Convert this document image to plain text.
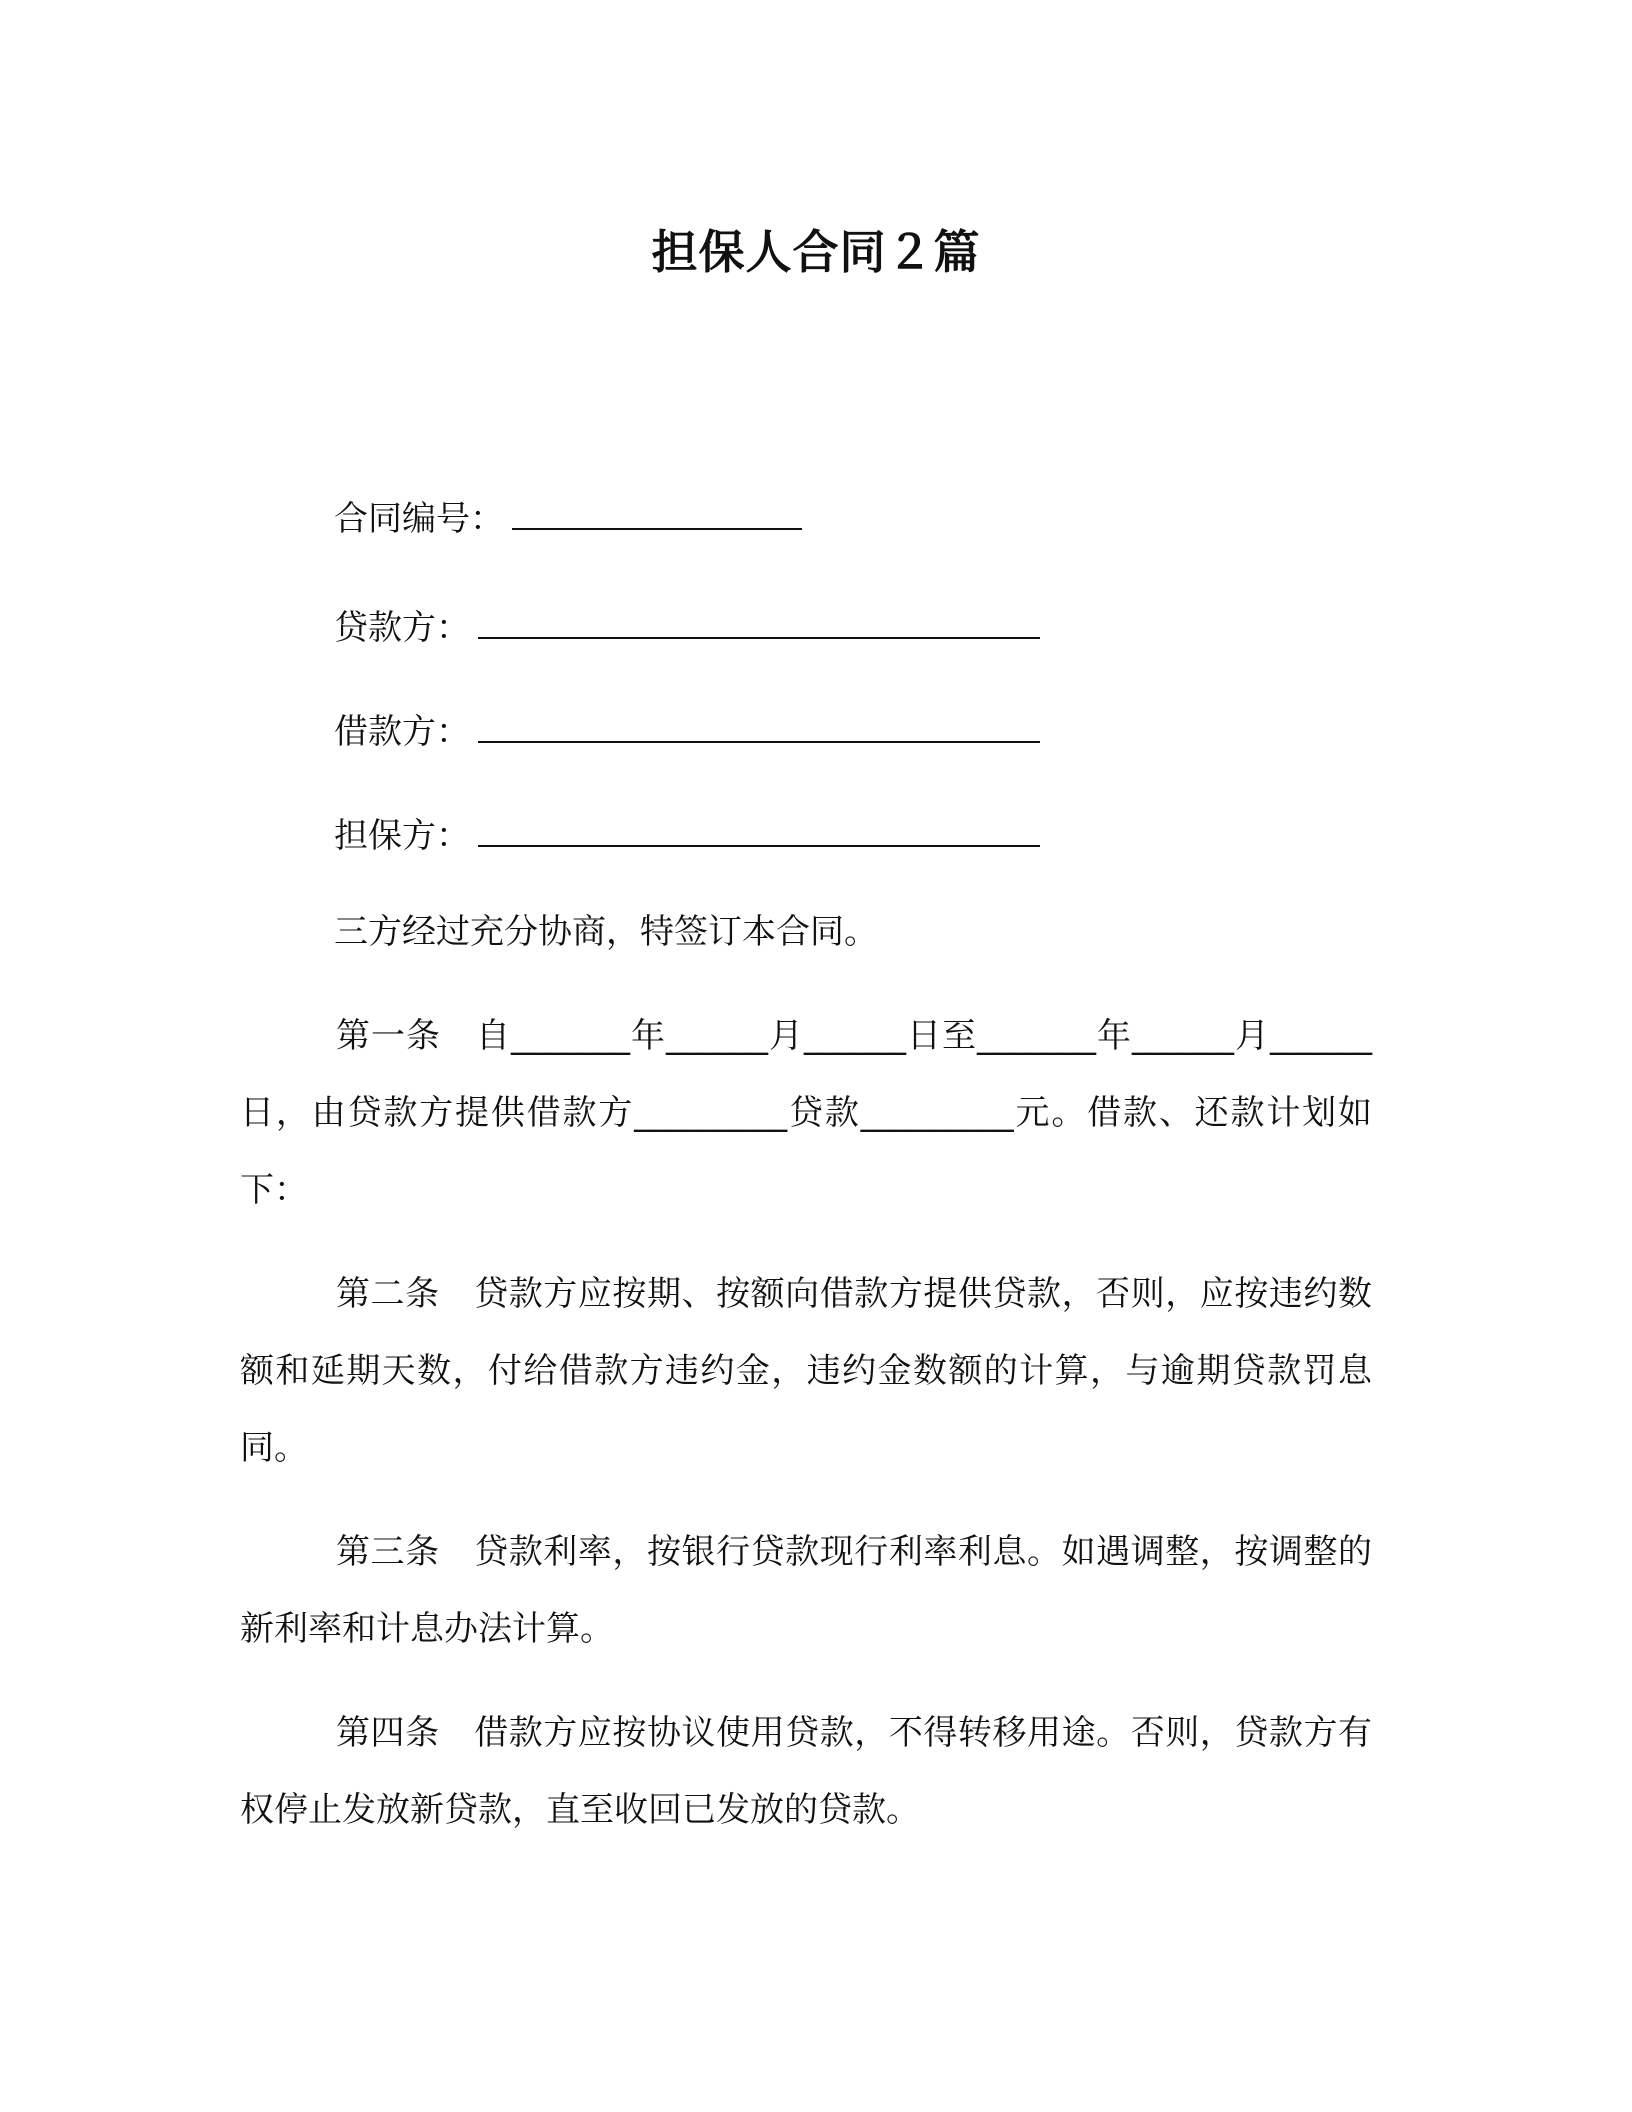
担保人合同２篇
合同编号：
贷款方：
借款方：
担保方：
三方经过充分协商，特签订本合同。

第一条　自_______年______月______日至_______年______月______日，由贷款方提供借款方_________贷款_________元。借款、还款计划如下：

第二条　贷款方应按期、按额向借款方提供贷款，否则，应按违约数额和延期天数，付给借款方违约金，违约金数额的计算，与逾期贷款罚息同。

第三条　贷款利率，按银行贷款现行利率利息。如遇调整，按调整的新利率和计息办法计算。

第四条　借款方应按协议使用贷款，不得转移用途。否则，贷款方有权停止发放新贷款，直至收回已发放的贷款。
